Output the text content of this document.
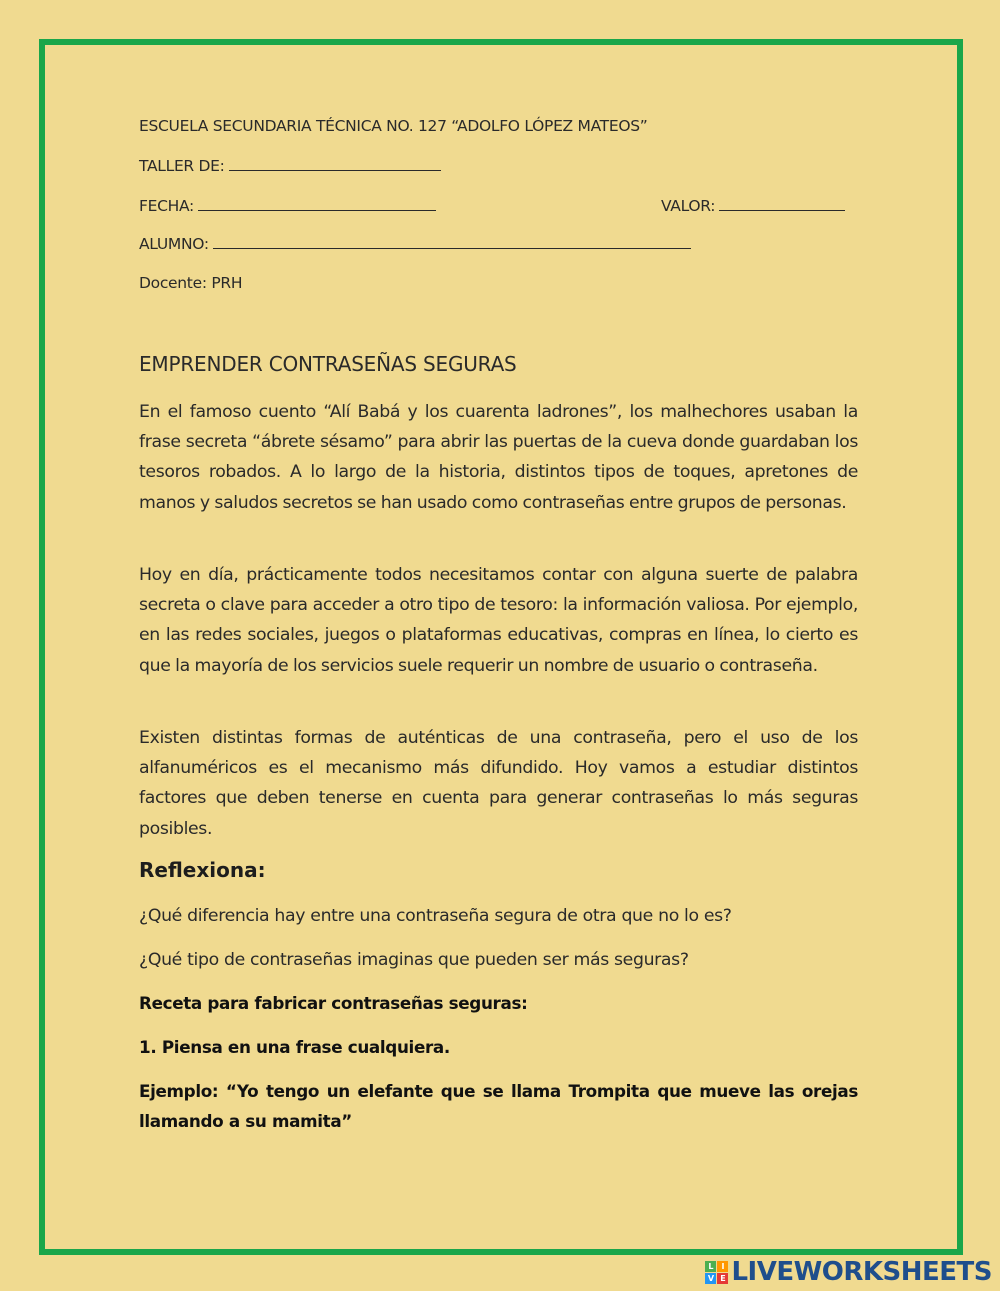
ESCUELA SECUNDARIA TÉCNICA NO. 127 “ADOLFO LÓPEZ MATEOS”
TALLER DE:
FECHA:	VALOR:
ALUMNO:
Docente: PRH
EMPRENDER CONTRASEÑAS SEGURAS
En el famoso cuento “Alí Babá y los cuarenta ladrones”, los malhechores usaban la frase secreta “ábrete sésamo” para abrir las puertas de la cueva donde guardaban los tesoros robados. A lo largo de la historia, distintos tipos de toques, apretones de manos y saludos secretos se han usado como contraseñas entre grupos de personas.
Hoy en día, prácticamente todos necesitamos contar con alguna suerte de palabra secreta o clave para acceder a otro tipo de tesoro: la información valiosa. Por ejemplo, en las redes sociales, juegos o plataformas educativas, compras en línea, lo cierto es que la mayoría de los servicios suele requerir un nombre de usuario o contraseña.
Existen distintas formas de auténticas de una contraseña, pero el uso de los alfanuméricos es el mecanismo más difundido. Hoy vamos a estudiar distintos factores que deben tenerse en cuenta para generar contraseñas lo más seguras posibles.
Reflexiona:
¿Qué diferencia hay entre una contraseña segura de otra que no lo es?
¿Qué tipo de contraseñas imaginas que pueden ser más seguras?
Receta para fabricar contraseñas seguras:
1. Piensa en una frase cualquiera.
Ejemplo: “Yo tengo un elefante que se llama Trompita que mueve las orejas llamando a su mamita”
L I
V E LIVEWORKSHEETS
